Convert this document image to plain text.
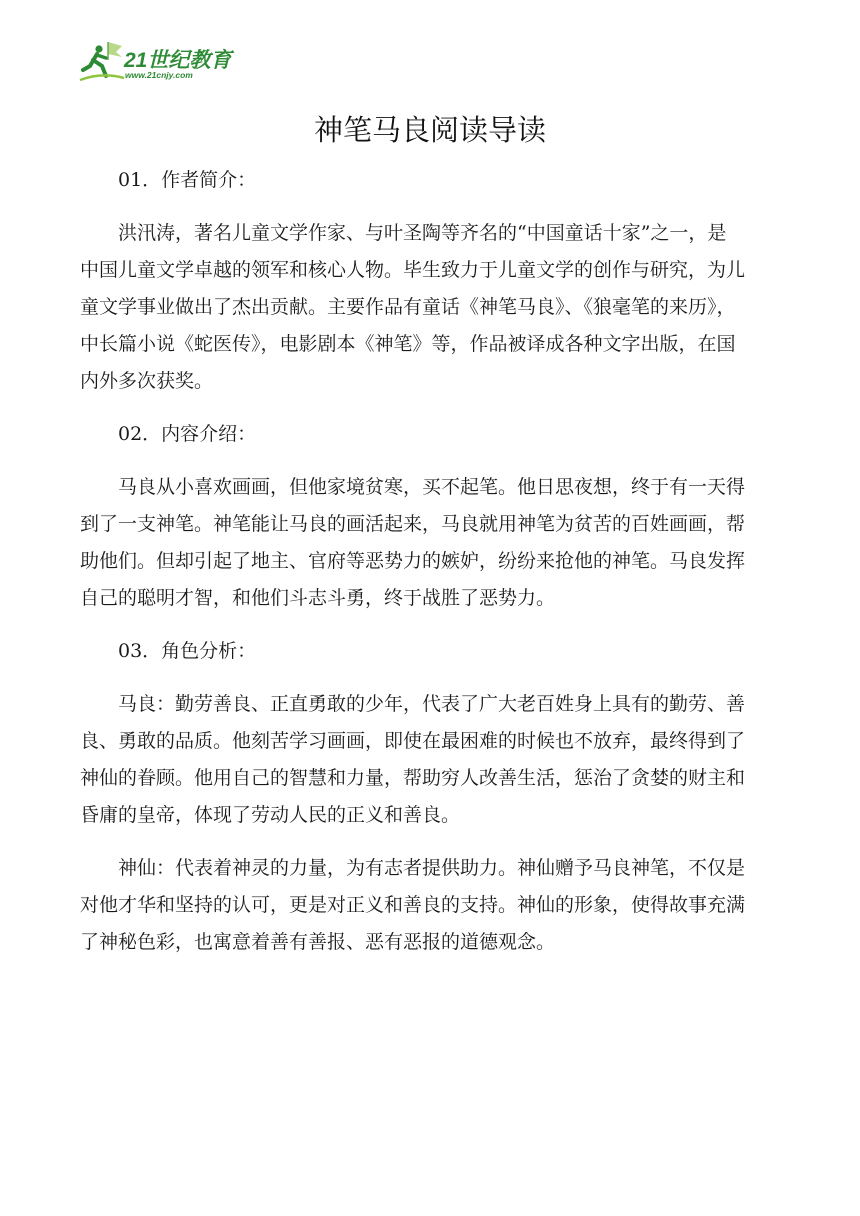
21世纪教育
www.21cnjy.com
神笔马良阅读导读
01．作者简介：
洪汛涛，著名儿童文学作家、与叶圣陶等齐名的“中国童话十家”之一，是
中国儿童文学卓越的领军和核心人物。毕生致力于儿童文学的创作与研究，为儿
童文学事业做出了杰出贡献。主要作品有童话《神笔马良》、《狼毫笔的来历》，
中长篇小说《蛇医传》，电影剧本《神笔》等，作品被译成各种文字出版，在国
内外多次获奖。
02．内容介绍：
马良从小喜欢画画，但他家境贫寒，买不起笔。他日思夜想，终于有一天得
到了一支神笔。神笔能让马良的画活起来，马良就用神笔为贫苦的百姓画画，帮
助他们。但却引起了地主、官府等恶势力的嫉妒，纷纷来抢他的神笔。马良发挥
自己的聪明才智，和他们斗志斗勇，终于战胜了恶势力。
03．角色分析：
马良：勤劳善良、正直勇敢的少年，代表了广大老百姓身上具有的勤劳、善
良、勇敢的品质。他刻苦学习画画，即使在最困难的时候也不放弃，最终得到了
神仙的眷顾。他用自己的智慧和力量，帮助穷人改善生活，惩治了贪婪的财主和
昏庸的皇帝，体现了劳动人民的正义和善良。
神仙：代表着神灵的力量，为有志者提供助力。神仙赠予马良神笔，不仅是
对他才华和坚持的认可，更是对正义和善良的支持。神仙的形象，使得故事充满
了神秘色彩，也寓意着善有善报、恶有恶报的道德观念。
